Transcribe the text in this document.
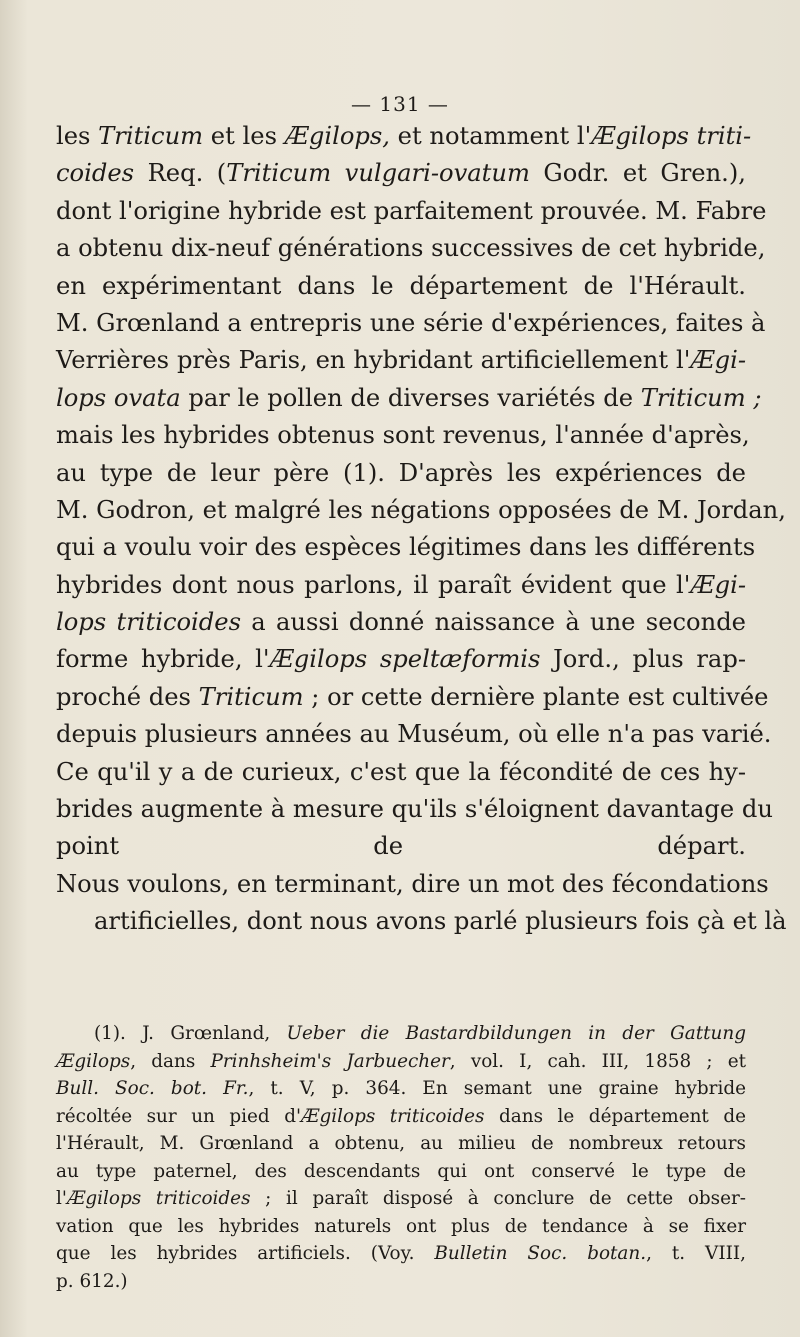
— 131 —
les Triticum et les Ægilops, et notamment l'Ægilops triti-
coides Req. (Triticum vulgari-ovatum Godr. et Gren.),
dont l'origine hybride est parfaitement prouvée. M. Fabre
a obtenu dix-neuf générations successives de cet hybride,
en expérimentant dans le département de l'Hérault.
M. Grœnland a entrepris une série d'expériences, faites à
Verrières près Paris, en hybridant artificiellement l'Ægi-
lops ovata par le pollen de diverses variétés de Triticum ;
mais les hybrides obtenus sont revenus, l'année d'après,
au type de leur père (1). D'après les expériences de
M. Godron, et malgré les négations opposées de M. Jordan,
qui a voulu voir des espèces légitimes dans les différents
hybrides dont nous parlons, il paraît évident que l'Ægi-
lops triticoides a aussi donné naissance à une seconde
forme hybride, l'Ægilops speltæformis Jord., plus rap-
proché des Triticum ; or cette dernière plante est cultivée
depuis plusieurs années au Muséum, où elle n'a pas varié.
Ce qu'il y a de curieux, c'est que la fécondité de ces hy-
brides augmente à mesure qu'ils s'éloignent davantage du
point de départ.
Nous voulons, en terminant, dire un mot des fécondations
artificielles, dont nous avons parlé plusieurs fois çà et là
(1). J. Grœnland, Ueber die Bastardbildungen in der Gattung
Ægilops, dans Prinhsheim's Jarbuecher, vol. I, cah. III, 1858 ; et
Bull. Soc. bot. Fr., t. V, p. 364. En semant une graine hybride
récoltée sur un pied d'Ægilops triticoides dans le département de
l'Hérault, M. Grœnland a obtenu, au milieu de nombreux retours
au type paternel, des descendants qui ont conservé le type de
l'Ægilops triticoides ; il paraît disposé à conclure de cette obser-
vation que les hybrides naturels ont plus de tendance à se fixer
que les hybrides artificiels. (Voy. Bulletin Soc. botan., t. VIII,
p. 612.)
